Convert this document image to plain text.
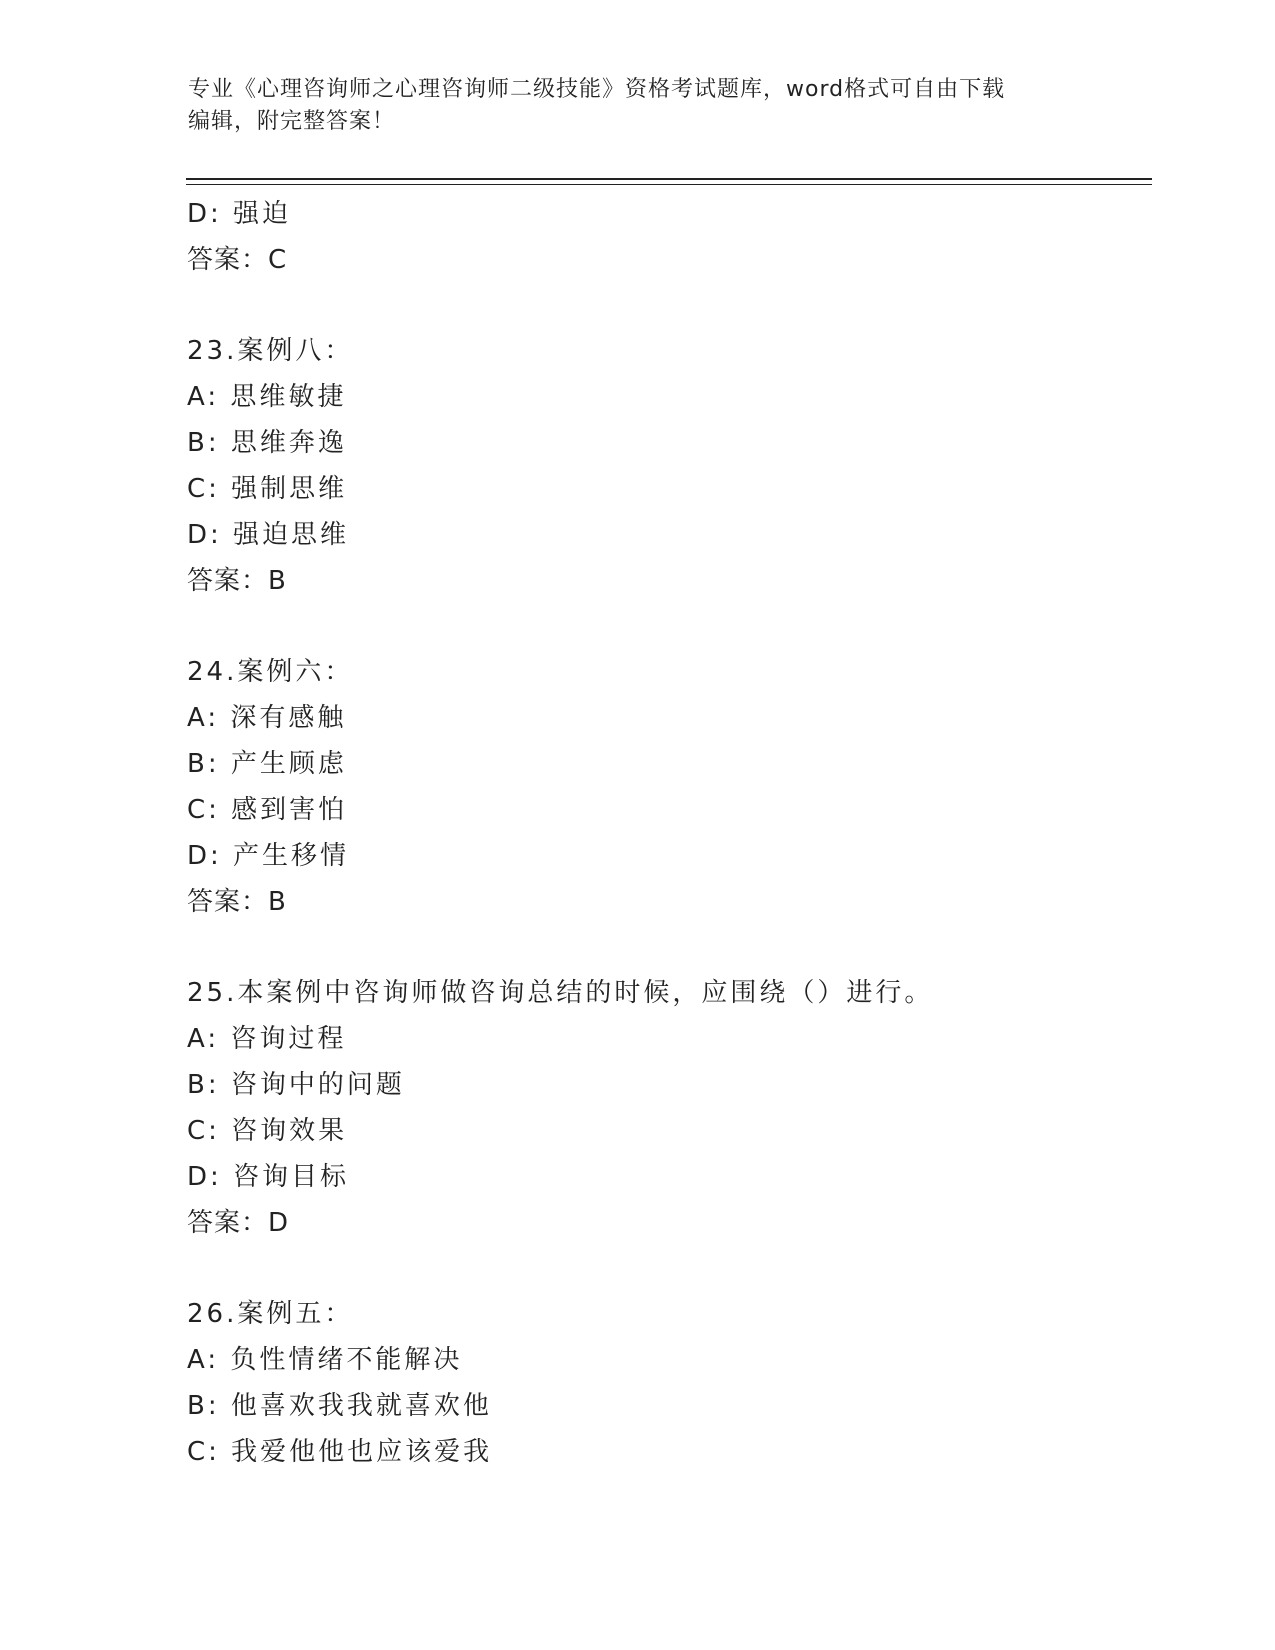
专业《心理咨询师之心理咨询师二级技能》资格考试题库，word格式可自由下载
编辑，附完整答案！
D: 强迫
答案：C
23.案例八：
A: 思维敏捷
B: 思维奔逸
C: 强制思维
D: 强迫思维
答案：B
24.案例六：
A: 深有感触
B: 产生顾虑
C: 感到害怕
D: 产生移情
答案：B
25.本案例中咨询师做咨询总结的时候，应围绕（）进行。
A: 咨询过程
B: 咨询中的问题
C: 咨询效果
D: 咨询目标
答案：D
26.案例五：
A: 负性情绪不能解决
B: 他喜欢我我就喜欢他
C: 我爱他他也应该爱我
